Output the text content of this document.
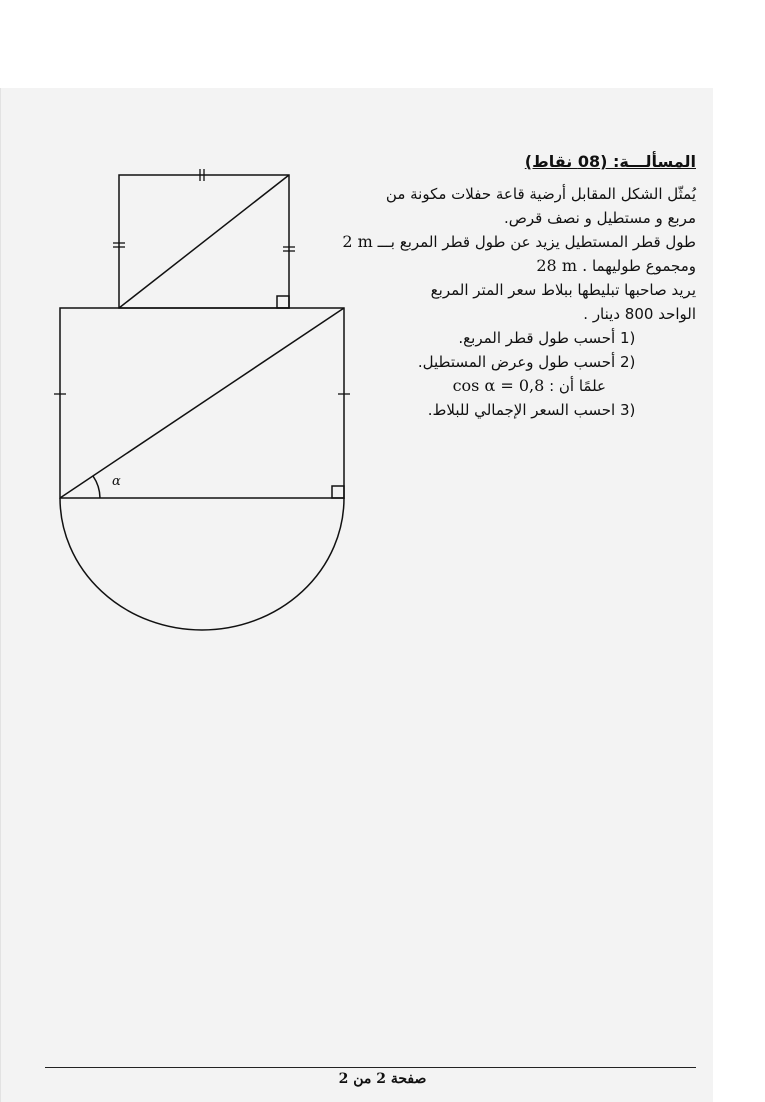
α
المسألـــة: (08 نقاط)
يُمثّل الشكل المقابل أرضية قاعة حفلات مكونة من
مربع و مستطيل و نصف قرص.
طول قطر المستطيل يزيد عن طول قطر المربع بـــ 2 m
ومجموع طوليهما 28 m .
يريد صاحبها تبليطها ببلاط سعر المتر المربع
الواحد 800 دينار .
1) أحسب طول قطر المربع.
2) أحسب طول وعرض المستطيل.
علمًا أن : cos α = 0,8
3) احسب السعر الإجمالي للبلاط.
صفحة 2 من 2
